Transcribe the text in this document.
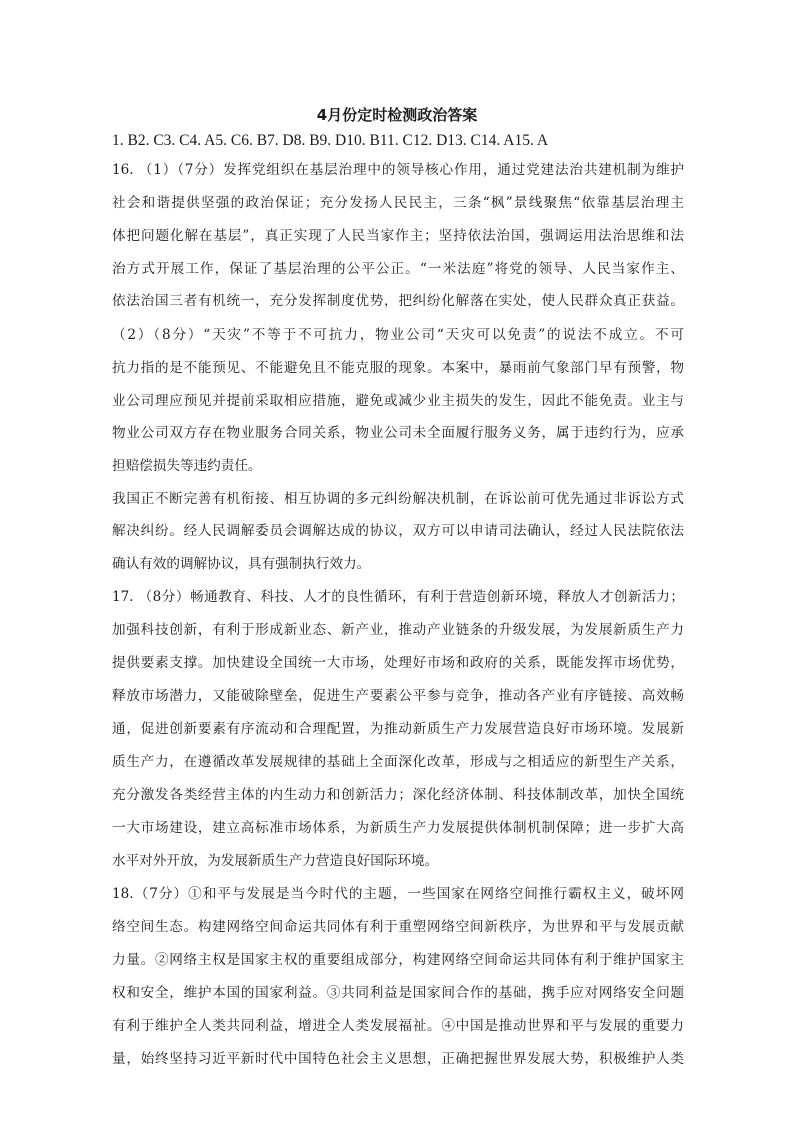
4月份定时检测政治答案
1. B2. C3. C4. A5. C6. B7. D8. B9. D10. B11. C12. D13. C14. A15. A
16. （1）（7分）发挥党组织在基层治理中的领导核心作用，通过党建法治共建机制为维护
社会和谐提供坚强的政治保证；充分发扬人民民主，三条“枫”景线聚焦“依靠基层治理主
体把问题化解在基层”，真正实现了人民当家作主；坚持依法治国，强调运用法治思维和法
治方式开展工作，保证了基层治理的公平公正。“一米法庭”将党的领导、人民当家作主、
依法治国三者有机统一，充分发挥制度优势，把纠纷化解落在实处，使人民群众真正获益。
（2）（8分）“天灾”不等于不可抗力，物业公司“天灾可以免责”的说法不成立。不可
抗力指的是不能预见、不能避免且不能克服的现象。本案中，暴雨前气象部门早有预警，物
业公司理应预见并提前采取相应措施，避免或减少业主损失的发生，因此不能免责。业主与
物业公司双方存在物业服务合同关系，物业公司未全面履行服务义务，属于违约行为，应承
担赔偿损失等违约责任。
我国正不断完善有机衔接、相互协调的多元纠纷解决机制，在诉讼前可优先通过非诉讼方式
解决纠纷。经人民调解委员会调解达成的协议，双方可以申请司法确认，经过人民法院依法
确认有效的调解协议，具有强制执行效力。
17. （8分）畅通教育、科技、人才的良性循环，有利于营造创新环境，释放人才创新活力；
加强科技创新，有利于形成新业态、新产业，推动产业链条的升级发展，为发展新质生产力
提供要素支撑。加快建设全国统一大市场，处理好市场和政府的关系，既能发挥市场优势，
释放市场潜力，又能破除壁垒，促进生产要素公平参与竞争，推动各产业有序链接、高效畅
通，促进创新要素有序流动和合理配置，为推动新质生产力发展营造良好市场环境。发展新
质生产力，在遵循改革发展规律的基础上全面深化改革，形成与之相适应的新型生产关系，
充分激发各类经营主体的内生动力和创新活力；深化经济体制、科技体制改革，加快全国统
一大市场建设，建立高标准市场体系，为新质生产力发展提供体制机制保障；进一步扩大高
水平对外开放，为发展新质生产力营造良好国际环境。
18.（7分）①和平与发展是当今时代的主题，一些国家在网络空间推行霸权主义，破坏网
络空间生态。构建网络空间命运共同体有利于重塑网络空间新秩序，为世界和平与发展贡献
力量。②网络主权是国家主权的重要组成部分，构建网络空间命运共同体有利于维护国家主
权和安全，维护本国的国家利益。③共同利益是国家间合作的基础，携手应对网络安全问题
有利于维护全人类共同利益，增进全人类发展福祉。④中国是推动世界和平与发展的重要力
量，始终坚持习近平新时代中国特色社会主义思想，正确把握世界发展大势，积极维护人类
